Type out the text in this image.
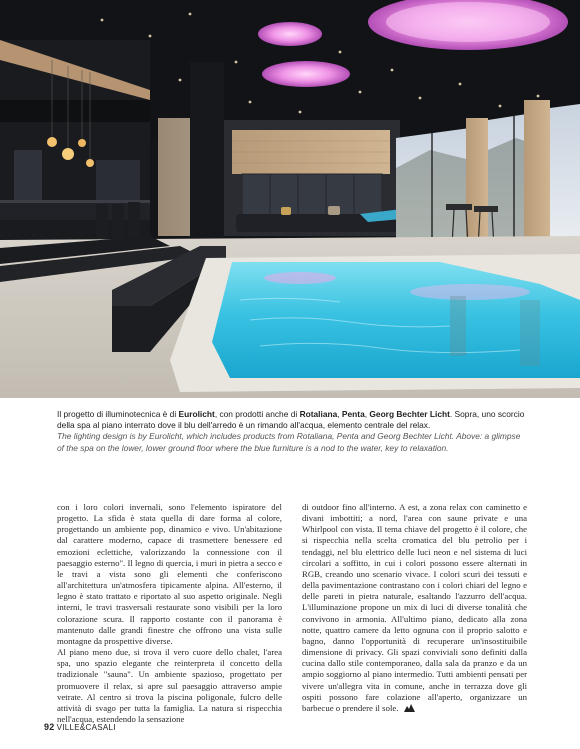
Il progetto di illuminotecnica è di Eurolicht, con prodotti anche di Rotaliana, Penta, Georg Bechter Licht. Sopra, uno scorcio della spa al piano interrato dove il blu dell'arredo è un rimando all'acqua, elemento centrale del relax.
The lighting design is by Eurolicht, which includes products from Rotaliana, Penta and Georg Bechter Licht. Above: a glimpse of the spa on the lower, lower ground floor where the blue furniture is a nod to the water, key to relaxation.

con i loro colori invernali, sono l'elemento ispiratore del progetto. La sfida è stata quella di dare forma al colore, progettando un ambiente pop, dinamico e vivo. Un'abitazione dal carattere moderno, capace di trasmettere benessere ed emozioni eclettiche, valorizzando la connessione con il paesaggio esterno". Il legno di quercia, i muri in pietra a secco e le travi a vista sono gli elementi che conferiscono all'architettura un'atmosfera tipicamente alpina. All'esterno, il legno è stato trattato e riportato al suo aspetto originale. Negli interni, le travi trasversali restaurate sono visibili per la loro colorazione scura. Il rapporto costante con il panorama è mantenuto dalle grandi finestre che offrono una vista sulle montagne da prospettive diverse.

Al piano meno due, si trova il vero cuore dello chalet, l'area spa, uno spazio elegante che reinterpreta il concetto della tradizionale "sauna". Un ambiente spazioso, progettato per promuovere il relax, si apre sul paesaggio attraverso ampie vetrate. Al centro si trova la piscina poligonale, fulcro delle attività di svago per tutta la famiglia. La natura si rispecchia nell'acqua, estendendo la sensazione

di outdoor fino all'interno. A est, a zona relax con caminetto e divani imbottiti; a nord, l'area con saune private e una Whirlpool con vista. Il tema chiave del progetto è il colore, che si rispecchia nella scelta cromatica del blu petrolio per i tendaggi, nel blu elettrico delle luci neon e nel sistema di luci circolari a soffitto, in cui i colori possono essere alternati in RGB, creando uno scenario vivace. I colori scuri dei tessuti e della pavimentazione contrastano con i colori chiari del legno e delle pareti in pietra naturale, esaltando l'azzurro dell'acqua. L'illuminazione propone un mix di luci di diverse tonalità che convivono in armonia. All'ultimo piano, dedicato alla zona notte, quattro camere da letto ognuna con il proprio salotto e bagno, danno l'opportunità di recuperare un'insostituibile dimensione di privacy. Gli spazi conviviali sono definiti dalla cucina dallo stile contemporaneo, dalla sala da pranzo e da un ampio soggiorno al piano intermedio. Tutti ambienti pensati per vivere un'allegra vita in comune, anche in terrazza dove gli ospiti possono fare colazione all'aperto, organizzare un barbecue o prendere il sole.

92 VILLE&CASALI
